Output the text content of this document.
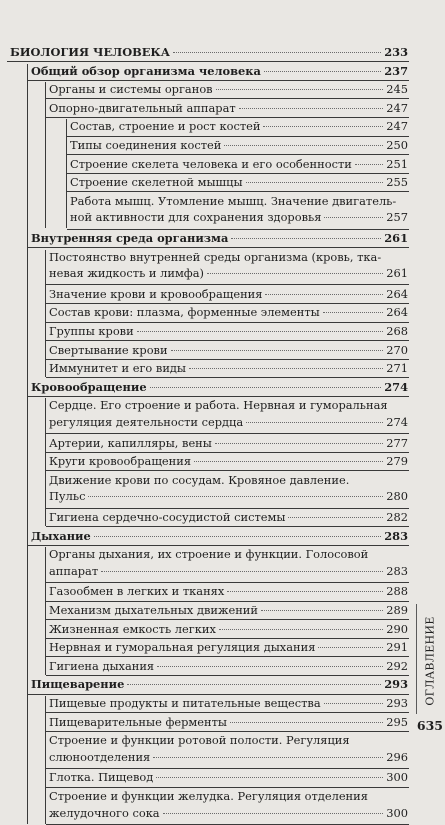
БИОЛОГИЯ ЧЕЛОВЕКА	233
Общий обзор организма человека	237
Органы и системы органов	245
Опорно-двигательный аппарат	247
Состав, строение и рост костей	247
Типы соединения костей	250
Строение скелета человека и его особенности	251
Строение скелетной мышцы	255
Работа мышц. Утомление мышц. Значение двигатель-
ной активности для сохранения здоровья	257
Внутренняя среда организма	261
Постоянство внутренней среды организма (кровь, тка-
невая жидкость и лимфа)	261
Значение крови и кровообращения	264
Состав крови: плазма, форменные элементы	264
Группы крови	268
Свертывание крови	270
Иммунитет и его виды	271
Кровообращение	274
Сердце. Его строение и работа. Нервная и гуморальная
регуляция деятельности сердца	274
Артерии, капилляры, вены	277
Круги кровообращения	279
Движение крови по сосудам. Кровяное давление.
Пульс	280
Гигиена сердечно-сосудистой системы	282
Дыхание	283
Органы дыхания, их строение и функции. Голосовой
аппарат	283
Газообмен в легких и тканях	288
Механизм дыхательных движений	289
Жизненная емкость легких	290
Нервная и гуморальная регуляция дыхания	291
Гигиена дыхания	292
Пищеварение	293
Пищевые продукты и питательные вещества	293
Пищеварительные ферменты	295
Строение и функции ротовой полости. Регуляция
слюноотделения	296
Глотка. Пищевод	300
Строение и функции желудка. Регуляция отделения
желудочного сока	300
ОГЛАВЛЕНИЕ
635
